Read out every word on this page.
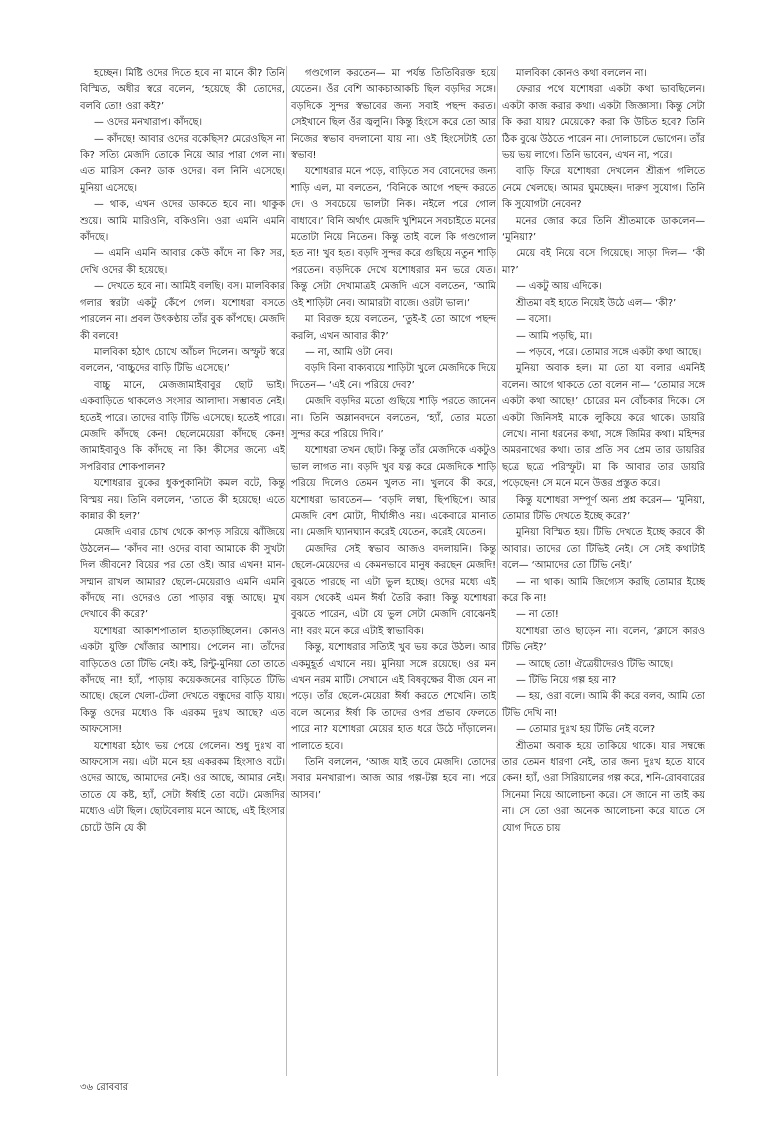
হচ্ছেন। মিষ্টি ওদের দিতে হবে না মানে কী? তিনি বিস্মিত, অধীর স্বরে বলেন, ‘হয়েছে কী তোদের, বলবি তো! ওরা কই?’

— ওদের মনখারাপ। কাঁদছে।

— কাঁদছে! আবার ওদের বকেছিস? মেরেওছিস না কি? সত্যি মেজদি তোকে নিয়ে আর পারা গেল না। এত মারিস কেন? ডাক ওদের। বল নিনি এসেছে। মুনিয়া এসেছে।

— থাক, এখন ওদের ডাকতে হবে না। থাকুক শুয়ে। আমি মারিওনি, বকিওনি। ওরা এমনি এমনি কাঁদছে।

— এমনি এমনি আবার কেউ কাঁদে না কি? সর, দেখি ওদের কী হয়েছে।

— দেখতে হবে না। আমিই বলছি। বস। মালবিকার গলার স্বরটা একটু কেঁপে গেল। যশোধরা বসতে পারলেন না। প্রবল উৎকণ্ঠায় তাঁর বুক কাঁপছে। মেজদি কী বলবে!

মালবিকা হঠাৎ চোখে আঁচল দিলেন। অস্ফুট স্বরে বললেন, ‘বাচ্চুদের বাড়ি টিভি এসেছে।’

বাচ্চু মানে, মেজজামাইবাবুর ছোট ভাই। একবাড়িতে থাকলেও সংসার আলাদা। সম্ভাবত নেই। হতেই পারে। তাদের বাড়ি টিভি এসেছে। হতেই পারে। মেজদি কাঁদছে কেন! ছেলেমেয়েরা কাঁদছে কেন! জামাইবাবুও কি কাঁদছে না কি! কীসের জন্যে এই সপরিবার শোকপালন?

যশোধরার বুকের ধুকপুকানিটা কমল বটে, কিন্তু বিস্ময় নয়। তিনি বললেন, ‘তাতে কী হয়েছে! এতে কান্নার কী হল?’

মেজদি এবার চোখ থেকে কাপড় সরিয়ে ঝাঁজিয়ে উঠলেন— ‘কাঁদব না! ওদের বাবা আমাকে কী সুখটা দিল জীবনে? বিয়ের পর তো ওই। আর এখন! মান-সম্মান রাখল আমার? ছেলে-মেয়েরাও এমনি এমনি কাঁদছে না। ওদেরও তো পাড়ার বন্ধু আছে। মুখ দেখাবে কী করে?’

যশোধরা আকাশপাতাল হাতড়াচ্ছিলেন। কোনও একটা যুক্তি খোঁজার আশায়। পেলেন না। তাঁদের বাড়িতেও তো টিভি নেই। কই, রিন্টু-মুনিয়া তো তাতে কাঁদছে না! হ্যাঁ, পাড়ায় কয়েকজনের বাড়িতে টিভি আছে। ছেলে খেলা-টেলা দেখতে বন্ধুদের বাড়ি যায়। কিন্তু ওদের মধ্যেও কি এরকম দুঃখ আছে? এত আফসোস!

যশোধরা হঠাৎ ভয় পেয়ে গেলেন। শুধু দুঃখ বা আফসোস নয়। এটা মনে হয় একরকম হিংসাও বটে। ওদের আছে, আমাদের নেই। ওর আছে, আমার নেই। তাতে যে কষ্ট, হ্যাঁ, সেটা ঈর্ষাই তো বটে। মেজদির মধ্যেও এটা ছিল। ছোটবেলায় মনে আছে, এই হিংসার চোটে উনি যে কী

গণ্ডগোল করতেন— মা পর্যন্ত তিতিবিরক্ত হয়ে যেতেন। ওঁর বেশি আকচাআকচি ছিল বড়দির সঙ্গে। বড়দিকে সুন্দর স্বভাবের জন্য সবাই পছন্দ করত। সেইখানে ছিল ওঁর জ্বলুনি। কিন্তু হিংসে করে তো আর নিজের স্বভাব বদলানো যায় না। ওই হিংসেটাই তো স্বভাব!

যশোধরার মনে পড়ে, বাড়িতে সব বোনেদের জন্য শাড়ি এল, মা বলতেন, ‘বিনিকে আগে পছন্দ করতে দে। ও সবচেয়ে ভালটা নিক। নইলে পরে গোল বাধাবে।’ বিনি অর্থাৎ মেজদি খুশিমনে সবচাইতে মনের মতোটা নিয়ে নিতেন। কিন্তু তাই বলে কি গণ্ডগোল হত না! খুব হত। বড়দি সুন্দর করে গুছিয়ে নতুন শাড়ি পরতেন। বড়দিকে দেখে যশোধরার মন ভরে যেত। কিন্তু সেটা দেখামাত্রই মেজদি এসে বলতেন, ‘আমি ওই শাড়িটা নেব। আমারটা বাজে। ওরটা ভাল।’

মা বিরক্ত হয়ে বলতেন, ‘তুই-ই তো আগে পছন্দ করলি, এখন আবার কী?’

— না, আমি ওটা নেব।

বড়দি বিনা বাক্যব্যয়ে শাড়িটা খুলে মেজদিকে দিয়ে দিতেন— ‘এই নে। পরিয়ে দেব?’

মেজদি বড়দির মতো গুছিয়ে শাড়ি পরতে জানেন না। তিনি অম্লানবদনে বলতেন, ‘হ্যাঁ, তোর মতো সুন্দর করে পরিয়ে দিবি।’

যশোধরা তখন ছোট। কিন্তু তাঁর মেজদিকে একটুও ভাল লাগত না। বড়দি খুব যত্ন করে মেজদিকে শাড়ি পরিয়ে দিলেও তেমন খুলত না। খুলবে কী করে, যশোধরা ভাবতেন— ‘বড়দি লম্বা, ছিপছিপে। আর মেজদি বেশ মোটা, দীর্ঘাঙ্গীও নয়। একেবারে মানাত না। মেজদি ঘ্যানঘ্যান করেই যেতেন, করেই যেতেন।

মেজদির সেই স্বভাব আজও বদলায়নি। কিন্তু ছেলে-মেয়েদের এ কেমনভাবে মানুষ করছেন মেজদি! বুঝতে পারছে না এটা ভুল হচ্ছে। ওদের মধ্যে এই বয়স থেকেই এমন ঈর্ষা তৈরি করা! কিন্তু যশোধরা বুঝতে পারেন, এটা যে ভুল সেটা মেজদি বোঝেনই না! বরং মনে করে এটাই স্বাভাবিক।

কিন্তু, যশোধরার সত্যিই খুব ভয় করে উঠল। আর একমুহূর্ত এখানে নয়। মুনিয়া সঙ্গে রয়েছে। ওর মন এখন নরম মাটি। সেখানে এই বিষবৃক্ষের বীজ যেন না পড়ে। তাঁর ছেলে-মেয়েরা ঈর্ষা করতে শেখেনি। তাই বলে অন্যের ঈর্ষা কি তাদের ওপর প্রভাব ফেলতে পারে না? যশোধরা মেয়ের হাত ধরে উঠে দাঁড়ালেন। পালাতে হবে।

তিনি বললেন, ‘আজ যাই তবে মেজদি। তোদের সবার মনখারাপ। আজ আর গল্প-টল্প হবে না। পরে আসব।’

মালবিকা কোনও কথা বললেন না।

ফেরার পথে যশোধরা একটা কথা ভাবছিলেন। একটা কাজ করার কথা। একটা জিজ্ঞাসা। কিন্তু সেটা কি করা যায়? মেয়েকে? করা কি উচিত হবে? তিনি ঠিক বুঝে উঠতে পারেন না। দোলাচলে ভোগেন। তাঁর ভয় ভয় লাগে। তিনি ভাবেন, এখন না, পরে।

বাড়ি ফিরে যশোধরা দেখলেন শ্রীরূপ গলিতে নেমে খেলছে। আমর ঘুমচ্ছেন। দারুণ সুযোগ। তিনি কি সুযোগটা নেবেন?

মনের জোর করে তিনি শ্রীতমাকে ডাকলেন— ‘মুনিয়া?’

মেয়ে বই নিয়ে বসে গিয়েছে। সাড়া দিল— ‘কী মা?’

— একটু আয় এদিকে।

শ্রীতমা বই হাতে নিয়েই উঠে এল— ‘কী?’

— বসো।

— আমি পড়ছি, মা।

— পড়বে, পরে। তোমার সঙ্গে একটা কথা আছে।

মুনিয়া অবাক হল। মা তো যা বলার এমনিই বলেন। আগে থাকতে তো বলেন না— ‘তোমার সঙ্গে একটা কথা আছে!’ চোরের মন বোঁচকার দিকে। সে একটা জিনিসই মাকে লুকিয়ে করে থাকে। ডায়রি লেখে। নানা ধরনের কথা, সঙ্গে জিমির কথা। মহিন্দর অমরনাথের কথা। তার প্রতি সব প্রেম তার ডায়রির ছত্রে ছত্রে পরিস্ফুট। মা কি আবার তার ডায়রি পড়েছেন! সে মনে মনে উত্তর প্রস্তুত করে।

কিন্তু যশোধরা সম্পূর্ণ অন্য প্রশ্ন করেন— ‘মুনিয়া, তোমার টিভি দেখতে ইচ্ছে করে?’

মুনিয়া বিস্মিত হয়। টিভি দেখতে ইচ্ছে করবে কী আবার। তাদের তো টিভিই নেই। সে সেই কথাটাই বলে— ‘আমাদের তো টিভি নেই।’

— না থাক। আমি জিগ্যেস করছি তোমার ইচ্ছে করে কি না!

— না তো!

যশোধরা তাও ছাড়েন না। বলেন, ‘ক্লাসে কারও টিভি নেই?’

— আছে তো! ঐত্রেয়ীদেরও টিভি আছে।

— টিভি নিয়ে গল্প হয় না?

— হয়, ওরা বলে। আমি কী করে বলব, আমি তো টিভি দেখি না!

— তোমার দুঃখ হয় টিভি নেই বলে?

শ্রীতমা অবাক হয়ে তাকিয়ে থাকে। যার সম্বন্ধে তার তেমন ধারণা নেই, তার জন্য দুঃখ হতে যাবে কেন! হ্যাঁ, ওরা সিরিয়ালের গল্প করে, শনি-রোববারের সিনেমা নিয়ে আলোচনা করে। সে জানে না তাই কয় না। সে তো ওরা অনেক আলোচনা করে যাতে সে যোগ দিতে চায়

৩৬ রোববার
